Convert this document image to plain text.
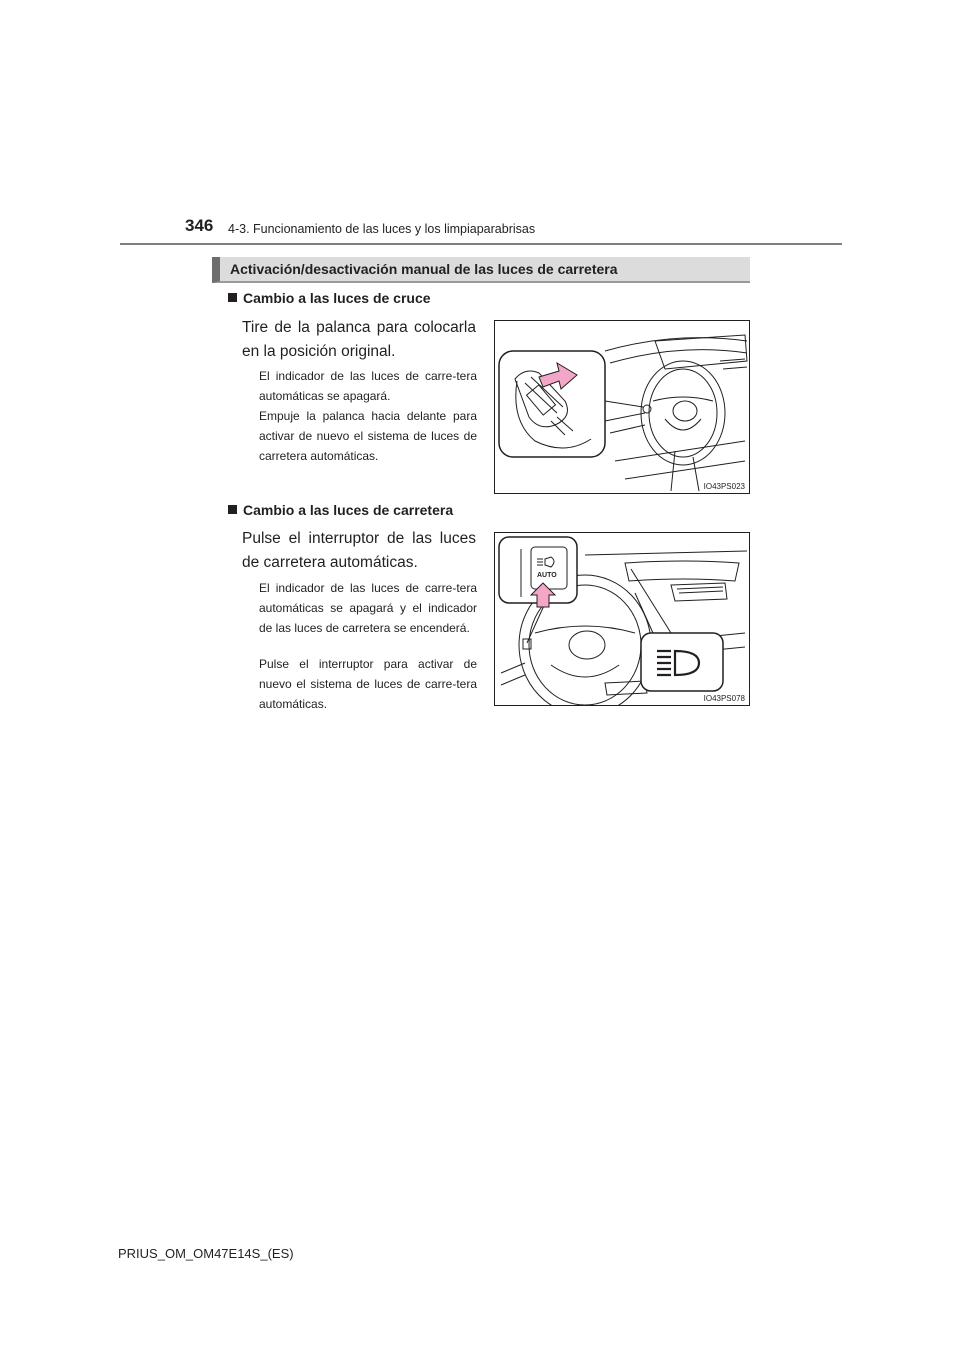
346 4-3. Funcionamiento de las luces y los limpiaparabrisas
Activación/desactivación manual de las luces de carretera
Cambio a las luces de cruce
Tire de la palanca para colocarla en la posición original.
El indicador de las luces de carre-tera automáticas se apagará.
Empuje la palanca hacia delante para activar de nuevo el sistema de luces de carretera automáticas.
IO43PS023
Cambio a las luces de carretera
Pulse el interruptor de las luces de carretera automáticas.
El indicador de las luces de carre-tera automáticas se apagará y el indicador de las luces de carretera se encenderá.
Pulse el interruptor para activar de nuevo el sistema de luces de carre-tera automáticas.
AUTO
IO43PS078
PRIUS_OM_OM47E14S_(ES)
